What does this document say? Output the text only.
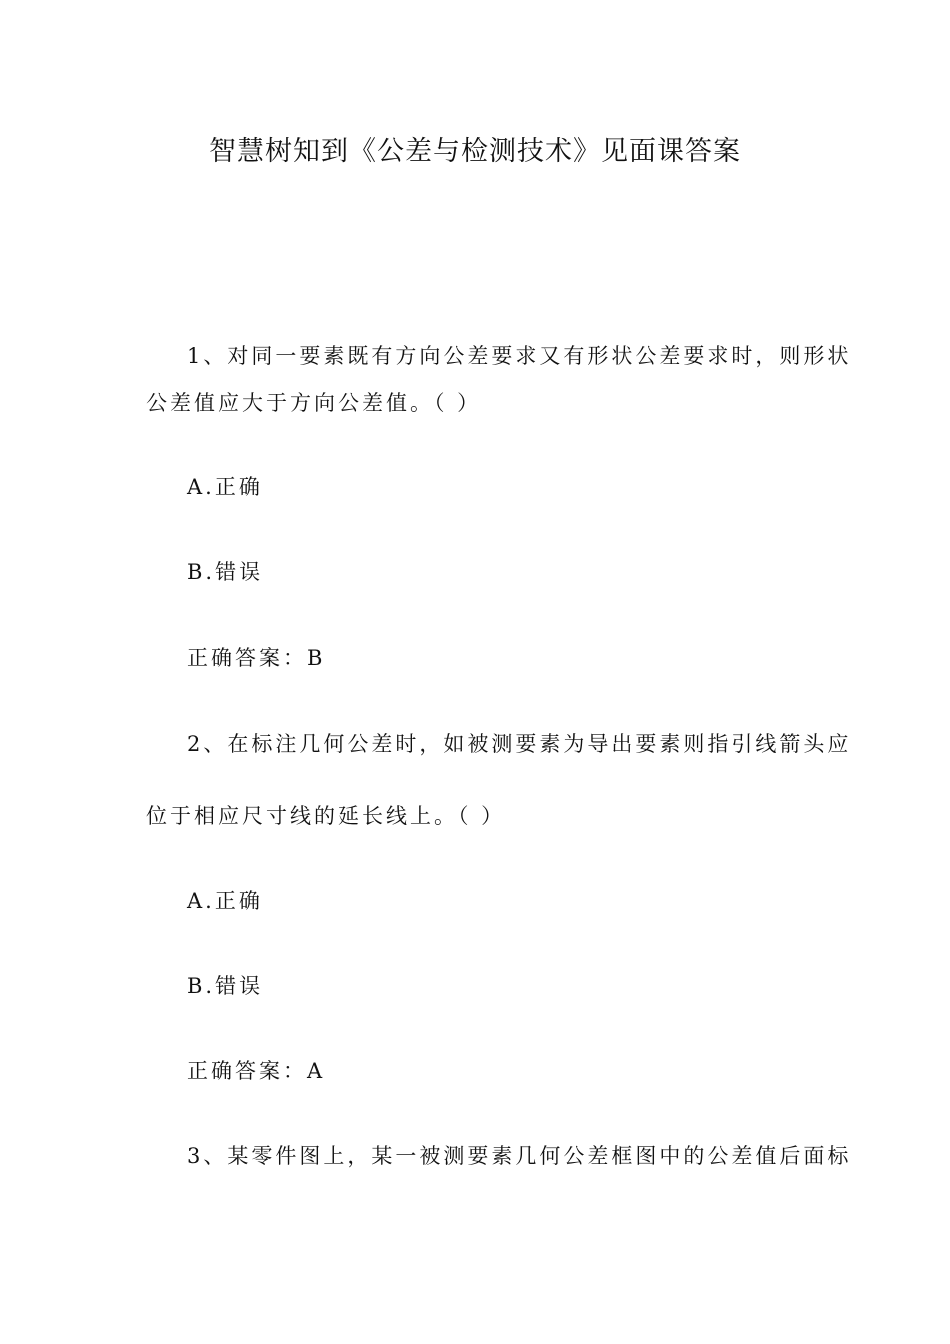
智慧树知到《公差与检测技术》见面课答案
1、对同一要素既有方向公差要求又有形状公差要求时，则形状
公差值应大于方向公差值。（ ）
A.正确
B.错误
正确答案：B
2、在标注几何公差时，如被测要素为导出要素则指引线箭头应
位于相应尺寸线的延长线上。（ ）
A.正确
B.错误
正确答案：A
3、某零件图上，某一被测要素几何公差框图中的公差值后面标
